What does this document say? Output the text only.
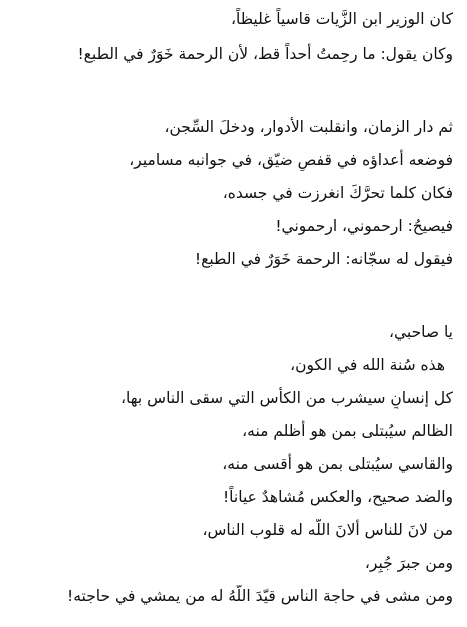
كان الوزير ابن الزَّيات قاسياً غليظاً،
وكان يقول: ما رحِمتُ أحداً قط، لأن الرحمة خَوَرٌ في الطبع!
ثم دار الزمان، وانقلبت الأدوار، ودخلَ السِّجن،
فوضعه أعداؤه في قفصٍ ضيّق، في جوانبه مسامير،
فكان كلما تحرَّكَ انغرزت في جسده،
فيصيحُ: ارحموني، ارحموني!
فيقول له سجّانه: الرحمة خَوَرٌ في الطبع!
يا صاحبي،
هذه سُنة الله في الكون،
كل إنسانٍ سيشرب من الكأس التي سقى الناس بها،
الظالم سيُبتلى بمن هو أظلم منه،
والقاسي سيُبتلى بمن هو أقسى منه،
والضد صحيح، والعكس مُشاهدٌ عياناً!
من لانَ للناس ألانَ اللّه له قلوب الناس،
ومن جبرَ جُبِر،
ومن مشى في حاجة الناس قيّدَ اللّهُ له من يمشي في حاجته!
